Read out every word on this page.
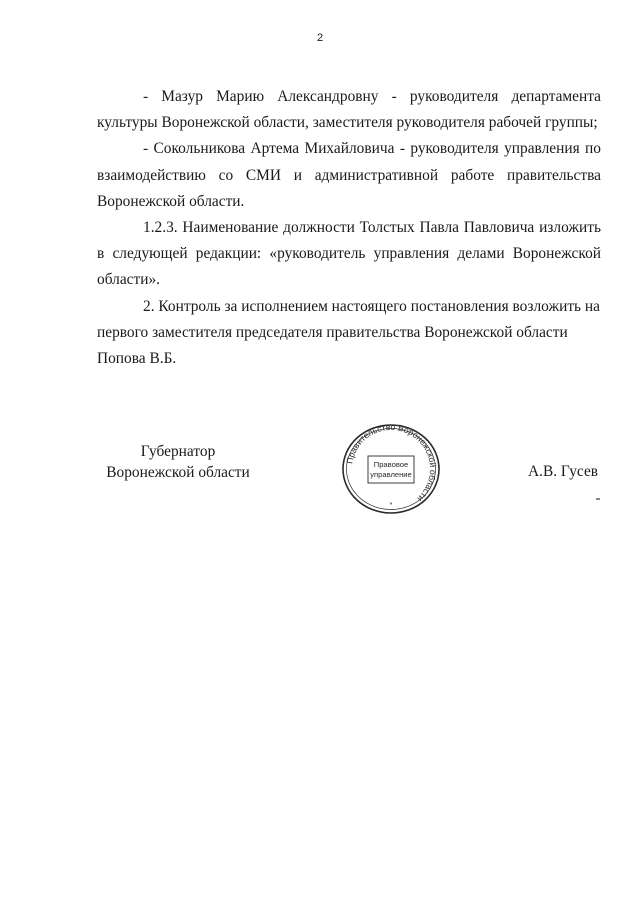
2

- Мазур Марию Александровну - руководителя департамента культуры Воронежской области, заместителя руководителя рабочей группы;

- Сокольникова Артема Михайловича - руководителя управления по взаимодействию со СМИ и административной работе правительства Воронежской области.

1.2.3. Наименование должности Толстых Павла Павловича изложить в следующей редакции: «руководитель управления делами Воронежской области».

2. Контроль за исполнением настоящего постановления возложить на первого заместителя председателя правительства Воронежской области Попова В.Б.

Губернатор
Воронежской области
Правительство Воронежской области
Правовое
управление
*
А.В. Гусев
